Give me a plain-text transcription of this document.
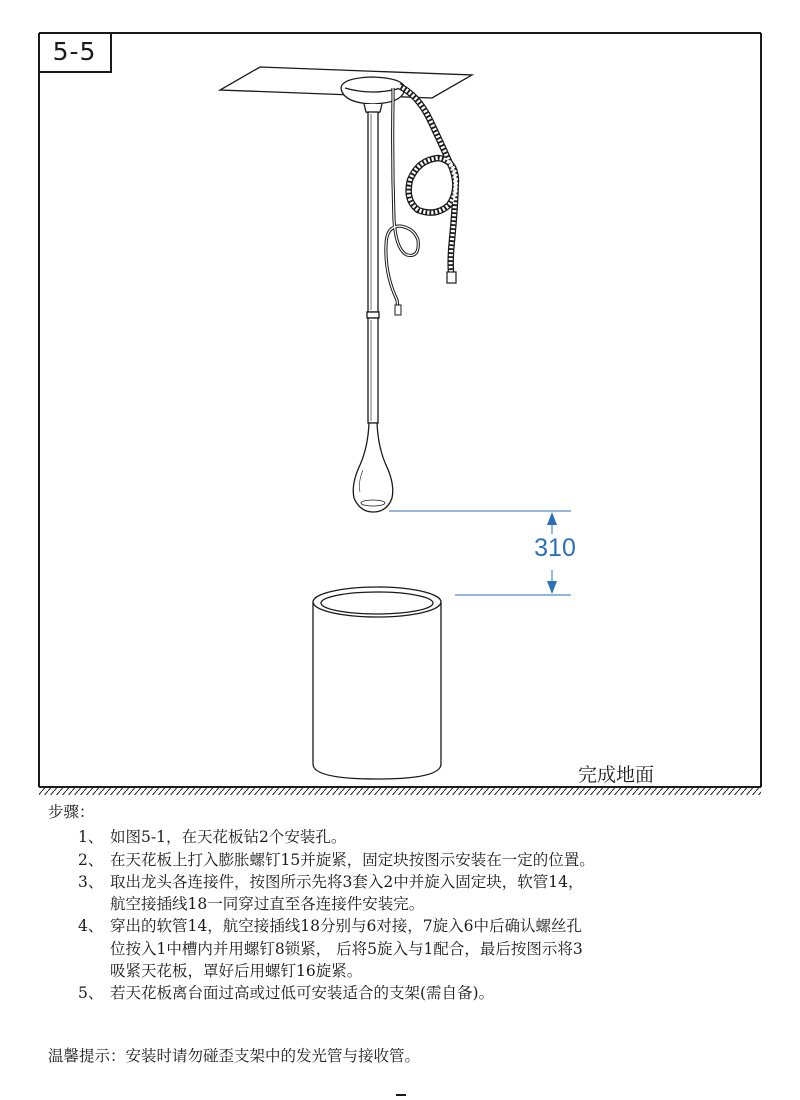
5-5
310
完成地面

步骤：

1、 如图5-1，在天花板钻2个安装孔。

2、 在天花板上打入膨胀螺钉15并旋紧，固定块按图示安装在一定的位置。

3、 取出龙头各连接件，按图所示先将3套入2中并旋入固定块，软管14，
航空接插线18一同穿过直至各连接件安装完。

4、 穿出的软管14，航空接插线18分别与6对接，7旋入6中后确认螺丝孔
位按入1中槽内并用螺钉8锁紧， 后将5旋入与1配合，最后按图示将3
吸紧天花板，罩好后用螺钉16旋紧。

5、 若天花板离台面过高或过低可安装适合的支架(需自备)。

温馨提示：安装时请勿碰歪支架中的发光管与接收管。
